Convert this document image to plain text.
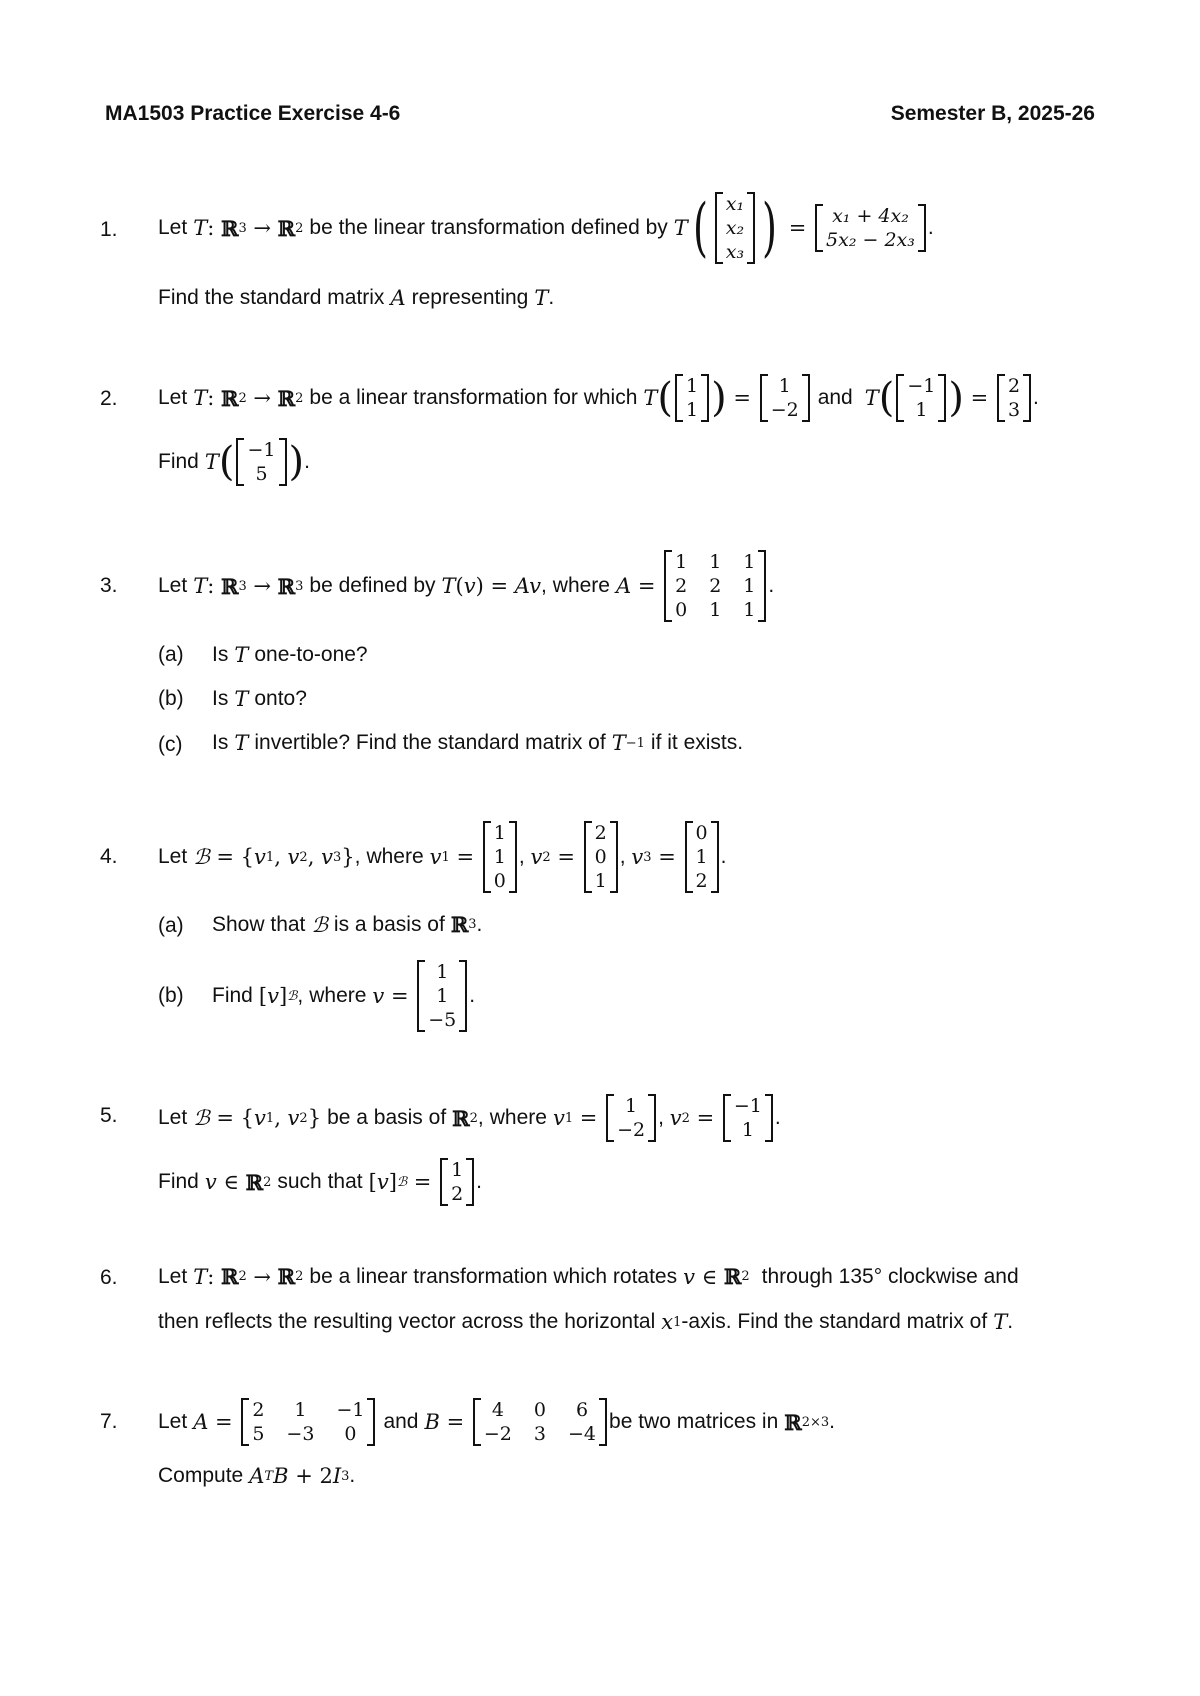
MA1503 Practice Exercise 4-6	Semester B, 2025-26
1. Let T : ℝ 3 → ℝ 2 be the linear transformation defined by T ( x₁
x₂
x₃ ) =	x₁ + 4x₂
5x₂ − 2x₃
.
Find the standard matrix A representing T .
2. Let T : ℝ 2 → ℝ 2 be a linear transformation for which T ( 1
1 ) =	1
−2
and T ( −1
1 ) = 2
3
.
Find T ( −1
5 ) .
3. Let T : ℝ 3 → ℝ 3 be defined by T ( v ) = Av , where A =
1 1 1
2 2 1
0 1 1
.
(a) Is T one-to-one?
(b) Is T onto?
(c) Is T invertible? Find the standard matrix of T −1 if it exists.
4. Let ℬ = { v 1 , v 2 , v 3 } , where v 1 =
1
1
0
, v 2 =
2
0
1
, v 3 =
0
1
2
.
(a) Show that ℬ is a basis of ℝ 3 .
(b) Find [ v ] ℬ , where v =
1
1
−5
.
5. Let ℬ = { v 1 , v 2 } be a basis of ℝ 2 , where v 1 =	1
−2
, v 2 = −1
1
.
Find v ∈ ℝ 2 such that [ v ] ℬ = 1
2
.
6. Let T : ℝ 2 → ℝ 2 be a linear transformation which rotates v ∈ ℝ 2 through 135° clockwise and
then reflects the resulting vector across the horizontal x 1 -axis. Find the standard matrix of T .
7. Let A = 2	1	−1
5 −3	0
and B =	4	0	6
−2 3 −4
be two matrices in ℝ 2×3 .
Compute A T B + 2 I 3 .
